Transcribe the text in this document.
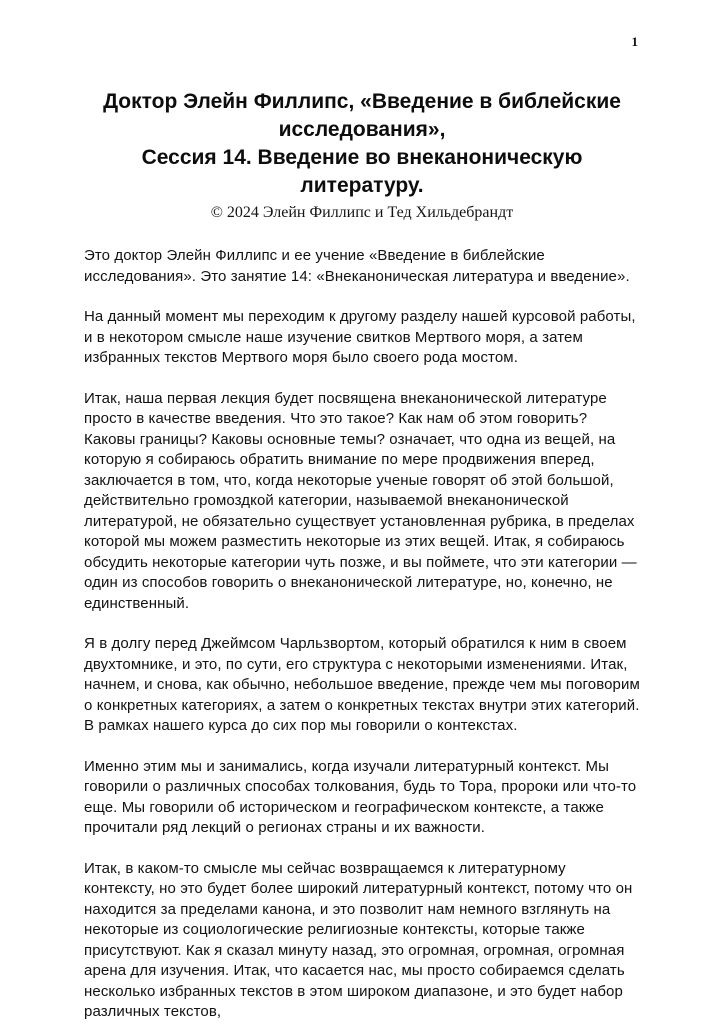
1
Доктор Элейн Филлипс, «Введение в библейские исследования»,
Сессия 14. Введение во внеканоническую литературу.
© 2024 Элейн Филлипс и Тед Хильдебрандт

Это доктор Элейн Филлипс и ее учение «Введение в библейские исследования». Это занятие 14: «Внеканоническая литература и введение».

На данный момент мы переходим к другому разделу нашей курсовой работы, и в некотором смысле наше изучение свитков Мертвого моря, а затем избранных текстов Мертвого моря было своего рода мостом.

Итак, наша первая лекция будет посвящена внеканонической литературе просто в качестве введения. Что это такое? Как нам об этом говорить? Каковы границы? Каковы основные темы? означает, что одна из вещей, на которую я собираюсь обратить внимание по мере продвижения вперед, заключается в том, что, когда некоторые ученые говорят об этой большой, действительно громоздкой категории, называемой внеканонической литературой, не обязательно существует установленная рубрика, в пределах которой мы можем разместить некоторые из этих вещей. Итак, я собираюсь обсудить некоторые категории чуть позже, и вы поймете, что эти категории — один из способов говорить о внеканонической литературе, но, конечно, не единственный.

Я в долгу перед Джеймсом Чарльзвортом, который обратился к ним в своем двухтомнике, и это, по сути, его структура с некоторыми изменениями. Итак, начнем, и снова, как обычно, небольшое введение, прежде чем мы поговорим о конкретных категориях, а затем о конкретных текстах внутри этих категорий. В рамках нашего курса до сих пор мы говорили о контекстах.

Именно этим мы и занимались, когда изучали литературный контекст. Мы говорили о различных способах толкования, будь то Тора, пророки или что-то еще. Мы говорили об историческом и географическом контексте, а также прочитали ряд лекций о регионах страны и их важности.

Итак, в каком-то смысле мы сейчас возвращаемся к литературному контексту, но это будет более широкий литературный контекст, потому что он находится за пределами канона, и это позволит нам немного взглянуть на некоторые из социологические религиозные контексты, которые также присутствуют. Как я сказал минуту назад, это огромная, огромная, огромная арена для изучения. Итак, что касается нас, мы просто собираемся сделать несколько избранных текстов в этом широком диапазоне, и это будет набор различных текстов,
